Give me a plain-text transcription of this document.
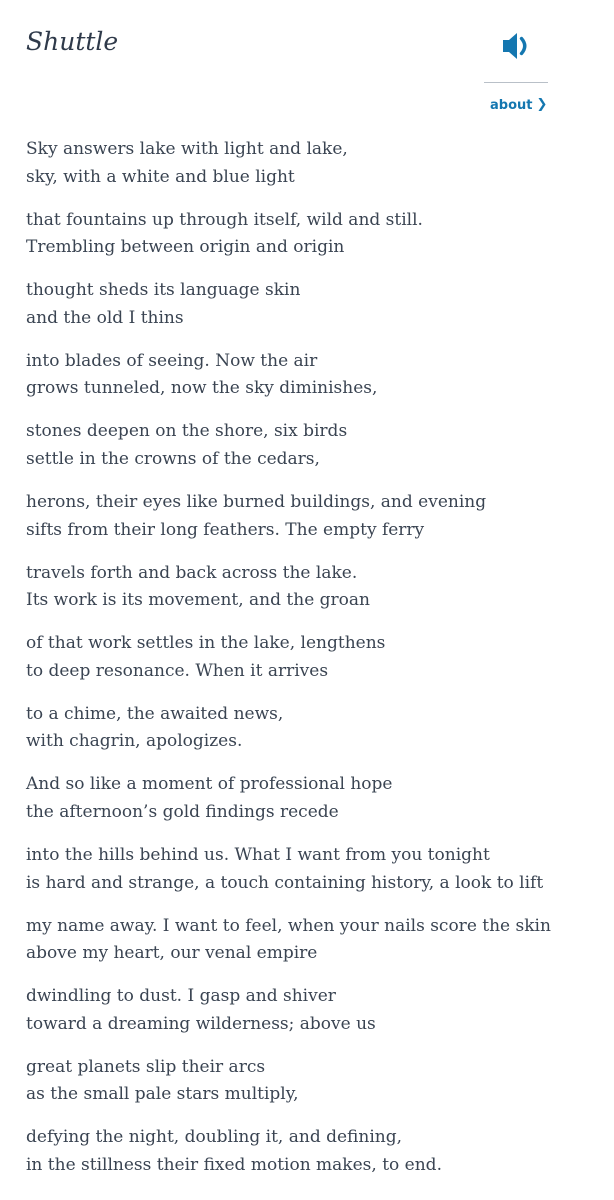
Shuttle
about ❯
Sky answers lake with light and lake,
sky, with a white and blue light
that fountains up through itself, wild and still.
Trembling between origin and origin
thought sheds its language skin
and the old I thins
into blades of seeing. Now the air
grows tunneled, now the sky diminishes,
stones deepen on the shore, six birds
settle in the crowns of the cedars,
herons, their eyes like burned buildings, and evening
sifts from their long feathers. The empty ferry
travels forth and back across the lake.
Its work is its movement, and the groan
of that work settles in the lake, lengthens
to deep resonance. When it arrives
to a chime, the awaited news,
with chagrin, apologizes.
And so like a moment of professional hope
the afternoon’s gold findings recede
into the hills behind us. What I want from you tonight
is hard and strange, a touch containing history, a look to lift
my name away. I want to feel, when your nails score the skin
above my heart, our venal empire
dwindling to dust. I gasp and shiver
toward a dreaming wilderness; above us
great planets slip their arcs
as the small pale stars multiply,
defying the night, doubling it, and defining,
in the stillness their fixed motion makes, to end.
